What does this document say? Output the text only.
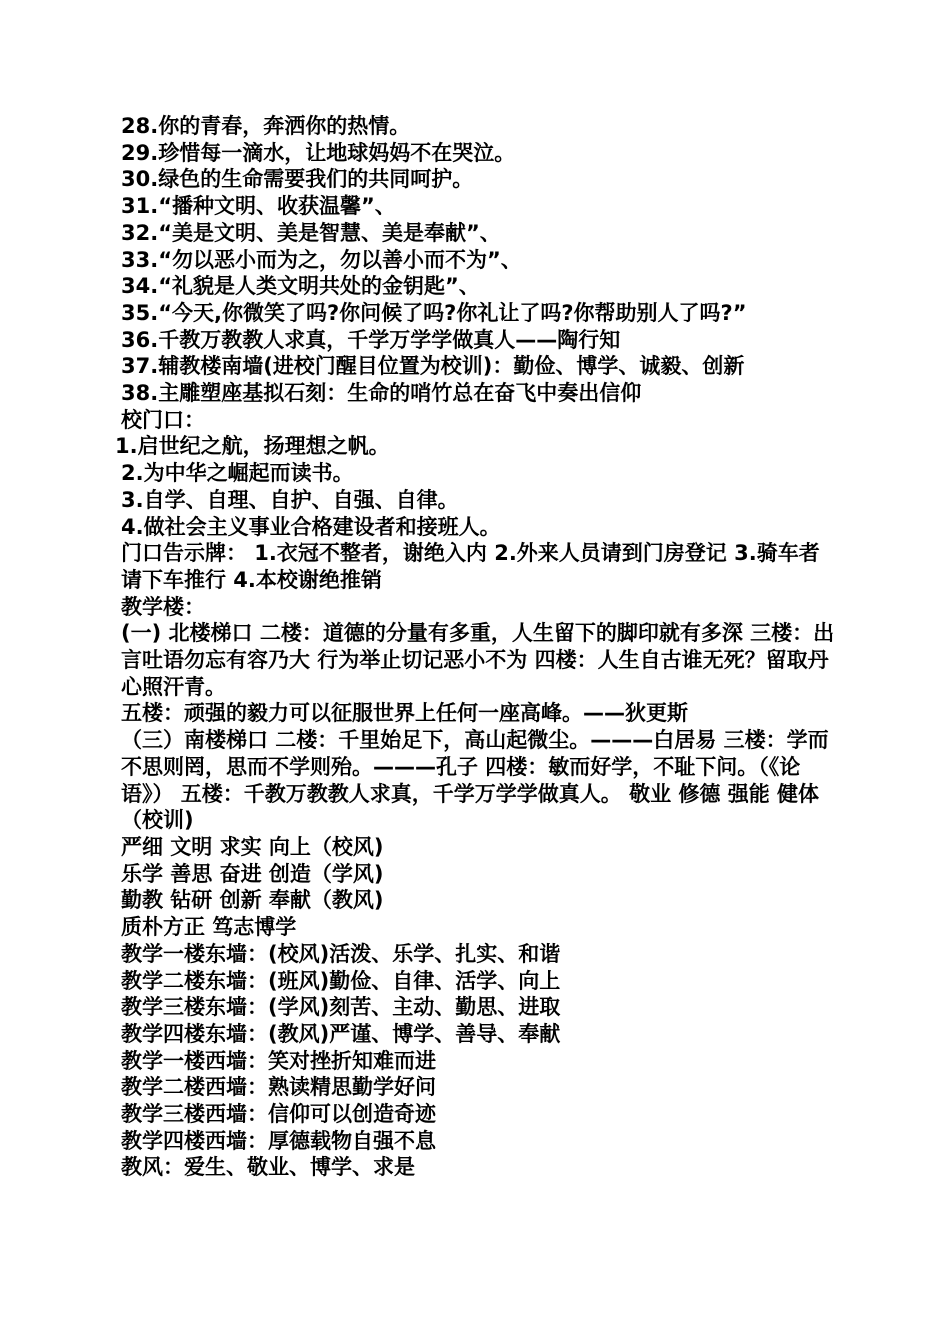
28.你的青春，奔洒你的热情。
29.珍惜每一滴水，让地球妈妈不在哭泣。
30.绿色的生命需要我们的共同呵护。
31.“播种文明、收获温馨”、
32.“美是文明、美是智慧、美是奉献”、
33.“勿以恶小而为之，勿以善小而不为”、
34.“礼貌是人类文明共处的金钥匙”、
35.“今天,你微笑了吗?你问候了吗?你礼让了吗?你帮助别人了吗?”
36.千教万教教人求真，千学万学学做真人——陶行知
37.辅教楼南墙(进校门醒目位置为校训)：勤俭、博学、诚毅、创新
38.主雕塑座基拟石刻：生命的哨竹总在奋飞中奏出信仰
校门口：
1.启世纪之航，扬理想之帆。
2.为中华之崛起而读书。
3.自学、自理、自护、自强、自律。
4.做社会主义事业合格建设者和接班人。
门口告示牌： 1.衣冠不整者，谢绝入内 2.外来人员请到门房登记 3.骑车者请下车推行 4.本校谢绝推销
教学楼：
(一) 北楼梯口 二楼：道德的分量有多重，人生留下的脚印就有多深 三楼：出言吐语勿忘有容乃大 行为举止切记恶小不为 四楼：人生自古谁无死？留取丹心照汗青。
五楼：顽强的毅力可以征服世界上任何一座高峰。——狄更斯
（三）南楼梯口 二楼：千里始足下，高山起微尘。———白居易 三楼：学而不思则罔，思而不学则殆。———孔子 四楼：敏而好学，不耻下问。（《论语》） 五楼：千教万教教人求真，千学万学学做真人。 敬业 修德 强能 健体（校训)
严细 文明 求实 向上（校风)
乐学 善思 奋进 创造（学风)
勤教 钻研 创新 奉献（教风)
质朴方正 笃志博学
教学一楼东墙：(校风)活泼、乐学、扎实、和谐
教学二楼东墙：(班风)勤俭、自律、活学、向上
教学三楼东墙：(学风)刻苦、主动、勤思、进取
教学四楼东墙：(教风)严谨、博学、善导、奉献
教学一楼西墙：笑对挫折知难而进
教学二楼西墙：熟读精思勤学好问
教学三楼西墙：信仰可以创造奇迹
教学四楼西墙：厚德载物自强不息
教风：爱生、敬业、博学、求是
